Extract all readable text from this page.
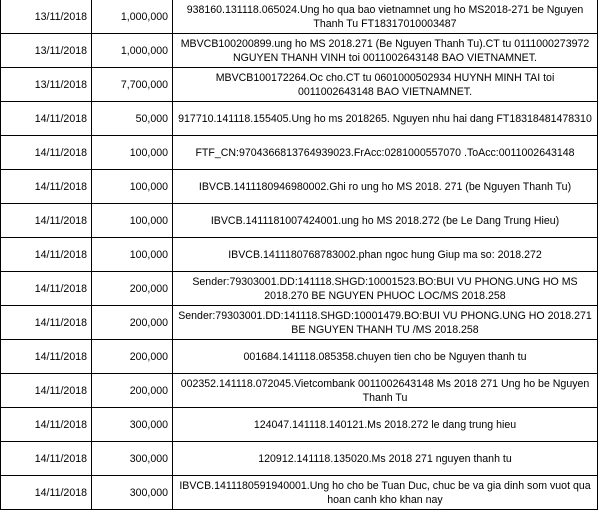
13/11/2018	1,000,000	938160.131118.065024.Ung ho qua bao vietnamnet ung ho MS2018-271 be Nguyen Thanh Tu FT18317010003487
13/11/2018	1,000,000	MBVCB100200899.ung ho MS 2018.271 (Be Nguyen Thanh Tu).CT tu 0111000273972 NGUYEN THANH VINH toi 0011002643148 BAO VIETNAMNET.
13/11/2018	7,700,000	MBVCB100172264.Oc cho.CT tu 0601000502934 HUYNH MINH TAI toi 0011002643148 BAO VIETNAMNET.
14/11/2018	50,000	917710.141118.155405.Ung ho ms 2018265. Nguyen nhu hai dang FT18318481478310
14/11/2018	100,000	FTF_CN:9704366813764939023.FrAcc:0281000557070 .ToAcc:0011002643148
14/11/2018	100,000	IBVCB.1411180946980002.Ghi ro ung ho MS 2018. 271 (be Nguyen Thanh Tu)
14/11/2018	100,000	IBVCB.1411181007424001.ung ho MS 2018.272 (be Le Dang Trung Hieu)
14/11/2018	100,000	IBVCB.1411180768783002.phan ngoc hung Giup ma so: 2018.272
14/11/2018	200,000	Sender:79303001.DD:141118.SHGD:10001523.BO:BUI VU PHONG.UNG HO MS 2018.270 BE NGUYEN PHUOC LOC/MS 2018.258
14/11/2018	200,000	Sender:79303001.DD:141118.SHGD:10001479.BO:BUI VU PHONG.UNG HO 2018.271 BE NGUYEN THANH TU /MS 2018.258
14/11/2018	200,000	001684.141118.085358.chuyen tien cho be Nguyen thanh tu
14/11/2018	200,000	002352.141118.072045.Vietcombank 0011002643148 Ms 2018 271 Ung ho be Nguyen Thanh Tu
14/11/2018	300,000	124047.141118.140121.Ms 2018.272 le dang trung hieu
14/11/2018	300,000	120912.141118.135020.Ms 2018 271 nguyen thanh tu
14/11/2018	300,000	IBVCB.1411180591940001.Ung ho cho be Tuan Duc, chuc be va gia dinh som vuot qua hoan canh kho khan nay
